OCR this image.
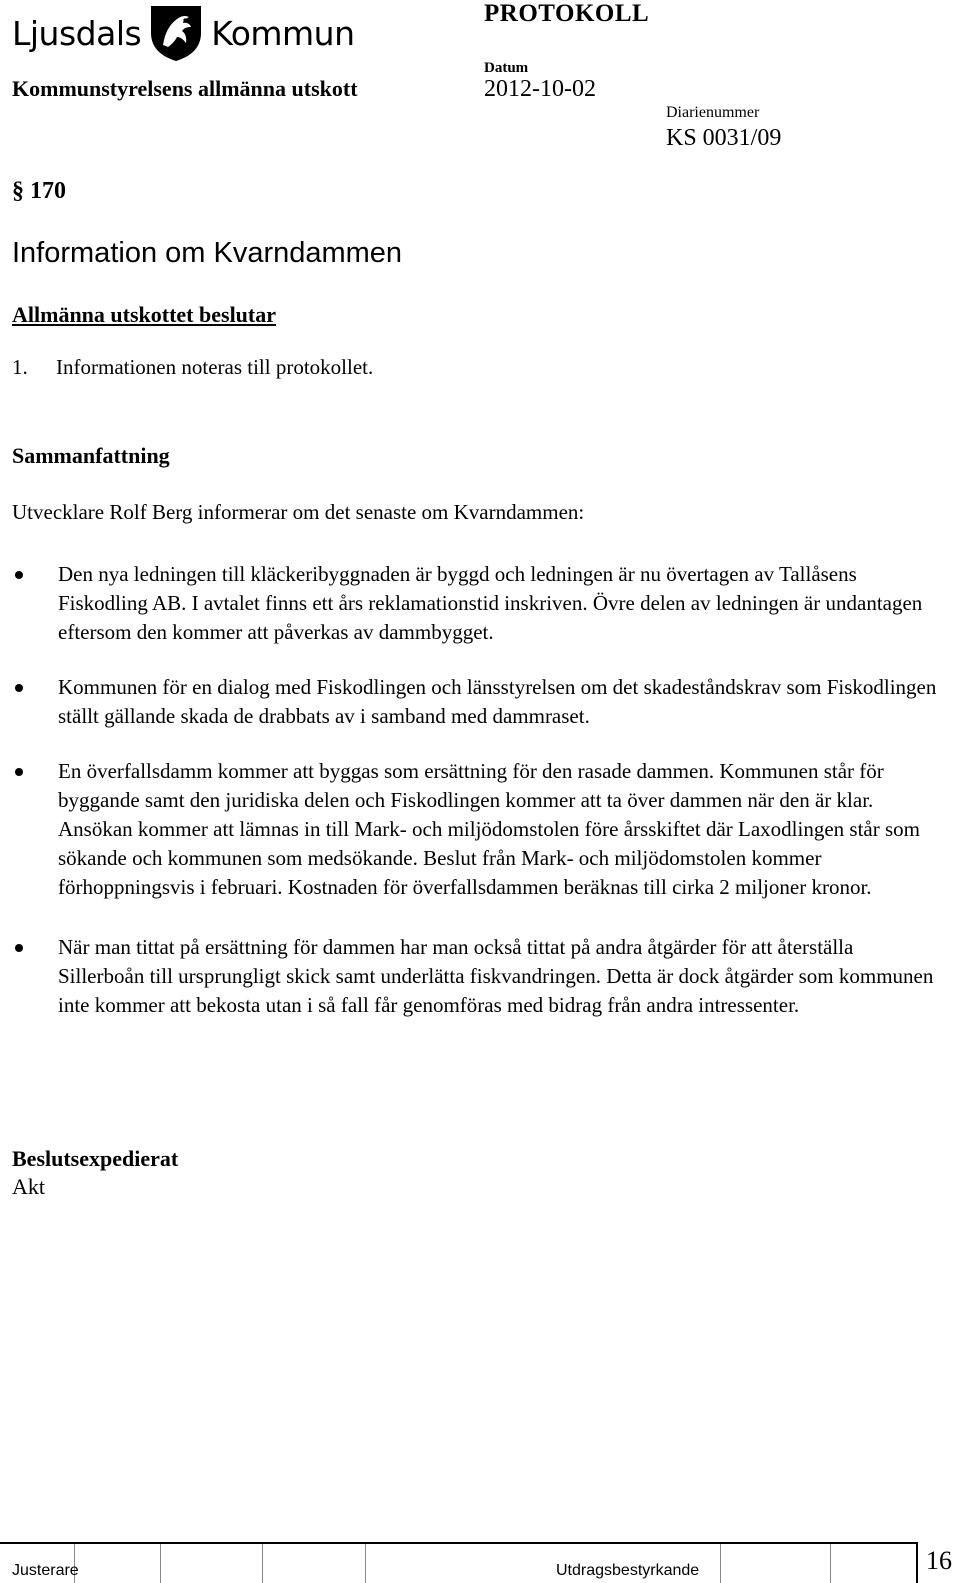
Ljusdals Kommun	PROTOKOLL
Kommunstyrelsens allmänna utskott
Datum
2012-10-02
Diarienummer
KS 0031/09
§ 170
Information om Kvarndammen
Allmänna utskottet beslutar
1. Informationen noteras till protokollet.
Sammanfattning
Utvecklare Rolf Berg informerar om det senaste om Kvarndammen:
Den nya ledningen till kläckeribyggnaden är byggd och ledningen är nu övertagen av Tallåsens Fiskodling AB. I avtalet finns ett års reklamationstid inskriven. Övre delen av ledningen är undantagen eftersom den kommer att påverkas av dammbygget.
Kommunen för en dialog med Fiskodlingen och länsstyrelsen om det skadeståndskrav som Fiskodlingen ställt gällande skada de drabbats av i samband med dammraset.
En överfallsdamm kommer att byggas som ersättning för den rasade dammen. Kommunen står för byggande samt den juridiska delen och Fiskodlingen kommer att ta över dammen när den är klar. Ansökan kommer att lämnas in till Mark- och miljödomstolen före årsskiftet där Laxodlingen står som sökande och kommunen som medsökande. Beslut från Mark- och miljödomstolen kommer förhoppningsvis i februari. Kostnaden för överfallsdammen beräknas till cirka 2 miljoner kronor.
När man tittat på ersättning för dammen har man också tittat på andra åtgärder för att återställa Sillerboån till ursprungligt skick samt underlätta fiskvandringen. Detta är dock åtgärder som kommunen inte kommer att bekosta utan i så fall får genomföras med bidrag från andra intressenter.
Beslutsexpedierat
Akt
Justerare	Utdragsbestyrkande	16
